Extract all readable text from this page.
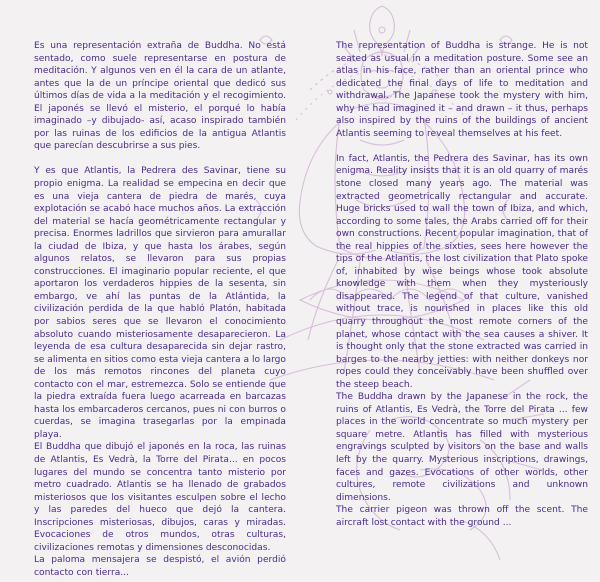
Es una representación extraña de Buddha. No está sentado, como suele representarse en postura de meditación. Y algunos ven en él la cara de un atlante, antes que la de un príncipe oriental que dedicó sus últimos días de vida a la meditación y el recogimiento. El japonés se llevó el misterio, el porqué lo había imaginado –y dibujado- así, acaso inspirado también por las ruinas de los edificios de la antigua Atlantis que parecían descubrirse a sus pies.

Y es que Atlantis, la Pedrera des Savinar, tiene su propio enigma. La realidad se empecina en decir que es una vieja cantera de piedra de marés, cuya explotación se acabó hace muchos años. La extracción del material se hacía geométricamente rectangular y precisa. Enormes ladrillos que sirvieron para amurallar la ciudad de Ibiza, y que hasta los árabes, según algunos relatos, se llevaron para sus propias construcciones. El imaginario popular reciente, el que aportaron los verdaderos hippies de la sesenta, sin embargo, ve ahí las puntas de la Atlántida, la civilización perdida de la que habló Platón, habitada por sabios seres que se llevaron el conocimiento absoluto cuando misteriosamente desaparecieron. La leyenda de esa cultura desaparecida sin dejar rastro, se alimenta en sitios como esta vieja cantera a lo largo de los más remotos rincones del planeta cuyo contacto con el mar, estremezca. Solo se entiende que la piedra extraída fuera luego acarreada en barcazas hasta los embarcaderos cercanos, pues ni con burros o cuerdas, se imagina trasegarlas por la empinada playa.

El Buddha que dibujó el japonés en la roca, las ruinas de Atlantis, Es Vedrà, la Torre del Pirata... en pocos lugares del mundo se concentra tanto misterio por metro cuadrado. Atlantis se ha llenado de grabados misteriosos que los visitantes esculpen sobre el lecho y las paredes del hueco que dejó la cantera. Inscripciones misteriosas, dibujos, caras y miradas. Evocaciones de otros mundos, otras culturas, civilizaciones remotas y dimensiones desconocidas.

La paloma mensajera se despistó, el avión perdió contacto con tierra...

The representation of Buddha is strange. He is not seated as usual in a meditation posture. Some see an atlas in his face, rather than an oriental prince who dedicated the final days of life to meditation and withdrawal. The Japanese took the mystery with him, why he had imagined it – and drawn – it thus, perhaps also inspired by the ruins of the buildings of ancient Atlantis seeming to reveal themselves at his feet.

In fact, Atlantis, the Pedrera des Savinar, has its own enigma. Reality insists that it is an old quarry of marés stone closed many years ago. The material was extracted geometrically rectangular and accurate. Huge bricks used to wall the town of Ibiza, and which, according to some tales, the Arabs carried off for their own constructions. Recent popular imagination, that of the real hippies of the sixties, sees here however the tips of the Atlantis, the lost civilization that Plato spoke of, inhabited by wise beings whose took absolute knowledge with them when they mysteriously disappeared. The legend of that culture, vanished without trace, is nourished in places like this old quarry throughout the most remote corners of the planet, whose contact with the sea causes a shiver. It is thought only that the stone extracted was carried in barges to the nearby jetties: with neither donkeys nor ropes could they conceivably have been shuffled over the steep beach.

The Buddha drawn by the Japanese in the rock, the ruins of Atlantis, Es Vedrà, the Torre del Pirata ... few places in the world concentrate so much mystery per square metre. Atlantis has filled with mysterious engravings sculpted by visitors on the base and walls left by the quarry. Mysterious inscriptions, drawings, faces and gazes. Evocations of other worlds, other cultures, remote civilizations and unknown dimensions.

The carrier pigeon was thrown off the scent. The aircraft lost contact with the ground ...
